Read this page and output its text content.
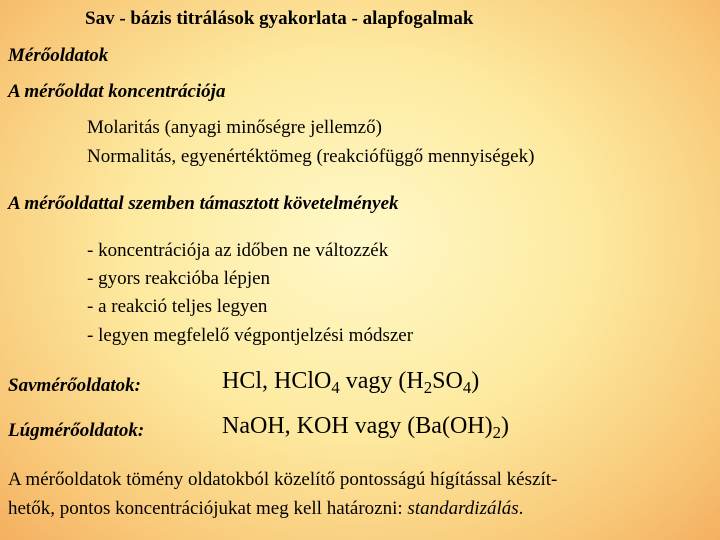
Sav - bázis titrálások gyakorlata - alapfogalmak
Mérőoldatok
A mérőoldat koncentrációja
Molaritás (anyagi minőségre jellemző)
Normalitás, egyenértéktömeg (reakciófüggő mennyiségek)
A mérőoldattal szemben támasztott követelmények
- koncentrációja az időben ne változzék
- gyors reakcióba lépjen
- a reakció teljes legyen
- legyen megfelelő végpontjelzési módszer
Savmérőoldatok:	HCl, HClO$_4$ vagy $(H_2SO_4)$
Lúgmérőoldatok:	NaOH, KOH vagy $(Ba(OH)_2)$
A mérőoldatok tömény oldatokból közelítő pontosságú hígítással készít-
hetők, pontos koncentrációjukat meg kell határozni: standardizálás.
